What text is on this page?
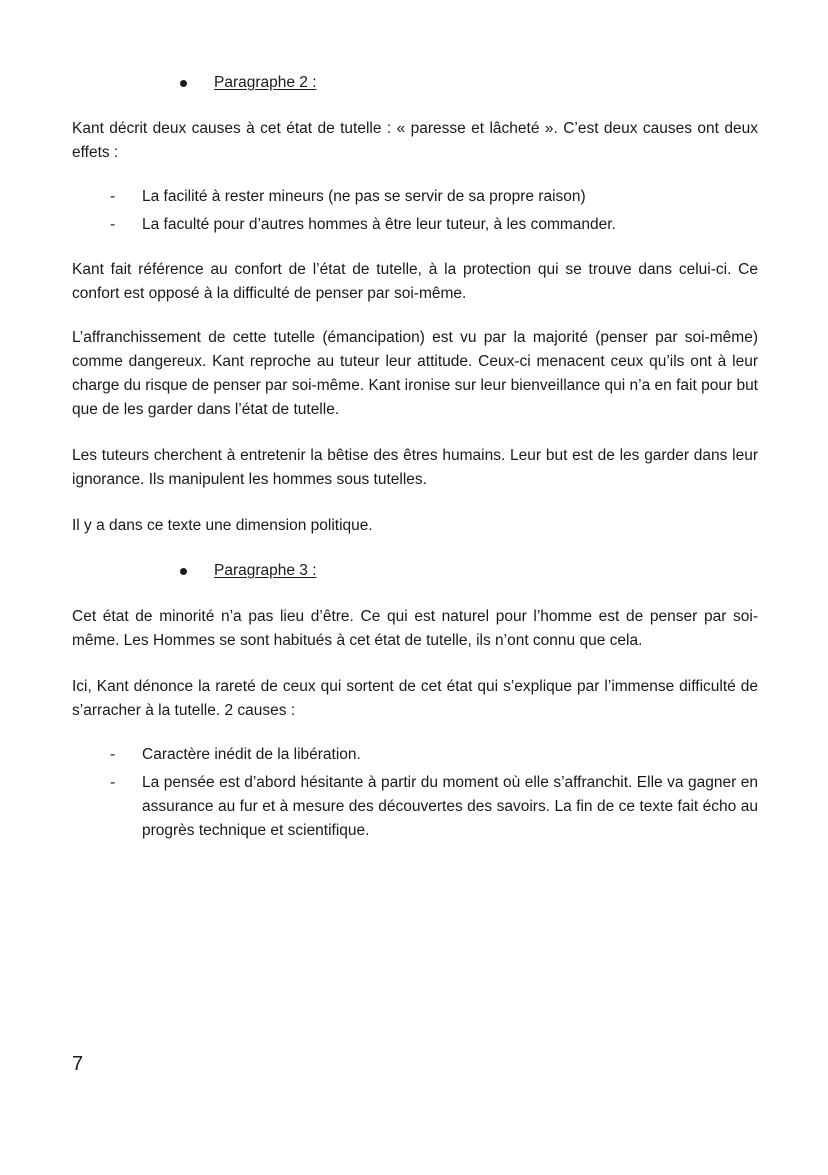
Paragraphe 2 :

Kant décrit deux causes à cet état de tutelle : « paresse et lâcheté ». C’est deux causes ont deux effets :

- La facilité à rester mineurs (ne pas se servir de sa propre raison)
- La faculté pour d’autres hommes à être leur tuteur, à les commander.

Kant fait référence au confort de l’état de tutelle, à la protection qui se trouve dans celui-ci. Ce confort est opposé à la difficulté de penser par soi-même.

L’affranchissement de cette tutelle (émancipation) est vu par la majorité (penser par soi-même) comme dangereux. Kant reproche au tuteur leur attitude. Ceux-ci menacent ceux qu’ils ont à leur charge du risque de penser par soi-même. Kant ironise sur leur bienveillance qui n’a en fait pour but que de les garder dans l’état de tutelle.

Les tuteurs cherchent à entretenir la bêtise des êtres humains. Leur but est de les garder dans leur ignorance. Ils manipulent les hommes sous tutelles.

Il y a dans ce texte une dimension politique.

Paragraphe 3 :

Cet état de minorité n’a pas lieu d’être. Ce qui est naturel pour l’homme est de penser par soi-même. Les Hommes se sont habitués à cet état de tutelle, ils n’ont connu que cela.

Ici, Kant dénonce la rareté de ceux qui sortent de cet état qui s’explique par l’immense difficulté de s’arracher à la tutelle. 2 causes :

- Caractère inédit de la libération.
- La pensée est d’abord hésitante à partir du moment où elle s’affranchit. Elle va gagner en assurance au fur et à mesure des découvertes des savoirs. La fin de ce texte fait écho au progrès technique et scientifique.
7
